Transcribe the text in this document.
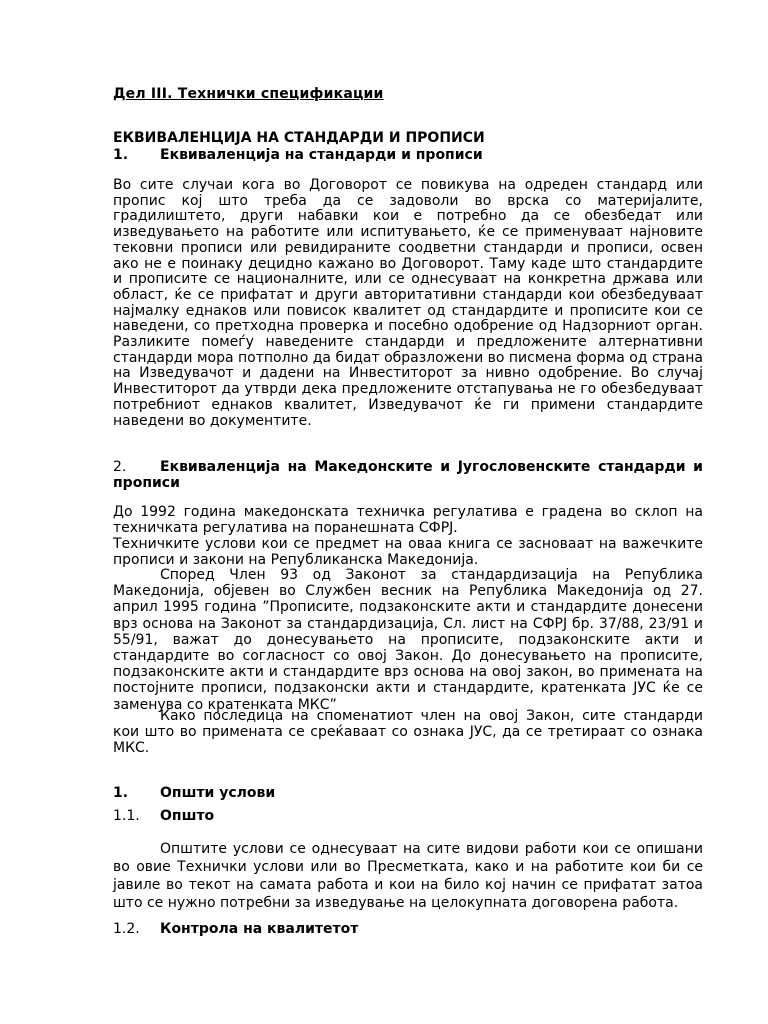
Дел III. Технички спецификации
ЕКВИВАЛЕНЦИЈА НА СТАНДАРДИ И ПРОПИСИ
1. Еквиваленција на стандарди и прописи
Во сите случаи кога во Договорот се повикува на одреден стандард или пропис кој што треба да се задоволи во врска со материјалите, градилиштето, други набавки кои е потребно да се обезбедат или изведувањето на работите или испитувањето, ќе се применуваат најновите тековни прописи или ревидираните соодветни стандарди и прописи, освен ако не е поинаку децидно кажано во Договорот. Таму каде што стандардите и прописите се националните, или се однесуваат на конкретна држава или област, ќе се прифатат и други авторитативни стандарди кои обезбедуваат најмалку еднаков или повисок квалитет од стандардите и прописите кои се наведени, со претходна проверка и посебно одобрение од Надзорниот орган. Разликите помеѓу наведените стандарди и предложените алтернативни стандарди мора потполно да бидат образложени во писмена форма од страна на Изведувачот и дадени на Инвеститорот за нивно одобрение. Во случај Инвеститорот да утврди дека предложените отстапувања не го обезбедуваат потребниот еднаков квалитет, Изведувачот ќе ги примени стандардите наведени во документите.
2. Еквиваленција на Македонските и Југословенските стандарди и прописи
До 1992 година македонската техничка регулатива е градена во склоп на техничката регулатива на поранешната СФРЈ.
Техничките услови кои се предмет на оваа книга се засноваат на важечките прописи и закони на Републиканска Македонија.
Според Член 93 од Законот за стандардизација на Република Македонија, објевен во Службен весник на Република Македонија од 27. април 1995 година ”Прописите, подзаконските акти и стандардите донесени врз основа на Законот за стандардизација, Сл. лист на СФРЈ бр. 37/88, 23/91 и 55/91, важат до донесувањето на прописите, подзаконските акти и стандардите во согласност со овој Закон. До донесувањето на прописите, подзаконските акти и стандардите врз основа на овој закон, во примената на постојните прописи, подзаконски акти и стандардите, кратенката ЈУС ќе се заменува со кратенката МКС”
Како последица на споменатиот член на овој Закон, сите стандарди кои што во примената се среќаваат со ознака ЈУС, да се третираат со ознака МКС.
1. Општи услови
1.1. Општо
Општите услови се однесуваат на сите видови работи кои се опишани во овие Технички услови или во Пресметката, како и на работите кои би се јавиле во текот на самата работа и кои на било кој начин се прифатат затоа што се нужно потребни за изведување на целокупната договорена работа.
1.2. Контрола на квалитетот
